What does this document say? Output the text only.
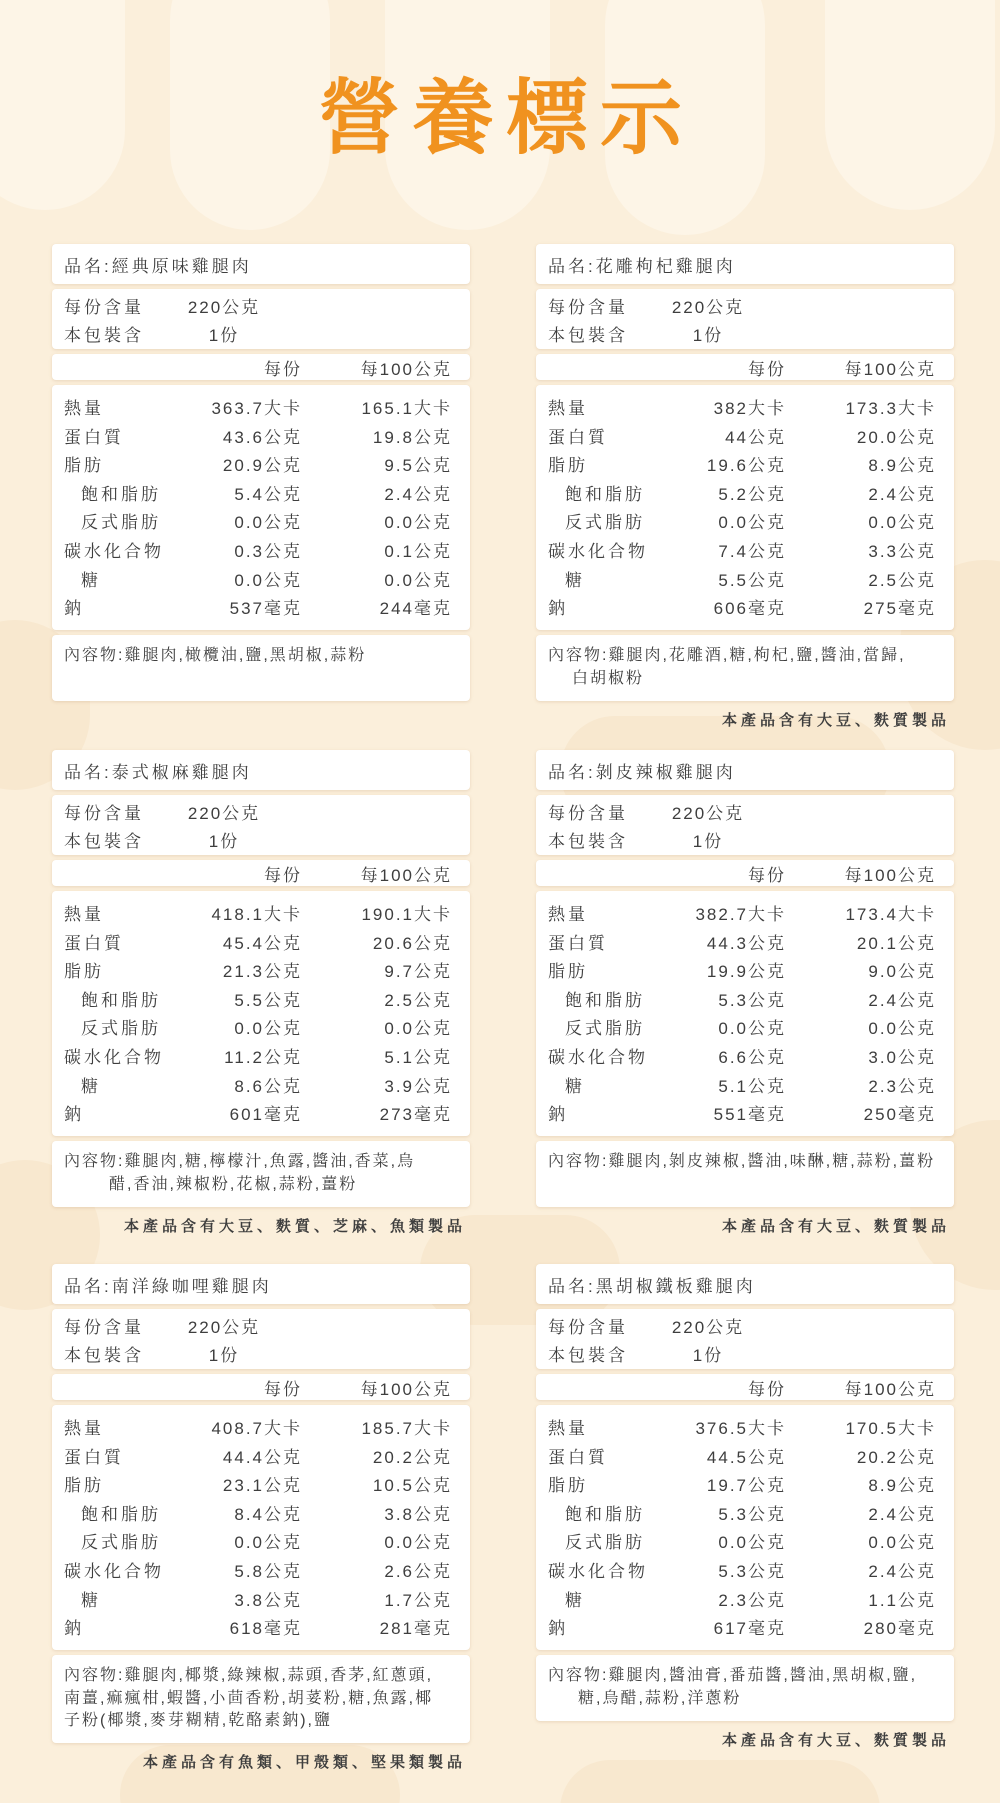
營養標示
品名:經典原味雞腿肉
每份含量	220公克
本包裝含	1份
每份	每100公克
熱量	363.7大卡	165.1大卡
蛋白質	43.6公克	19.8公克
脂肪	20.9公克	9.5公克
飽和脂肪	5.4公克	2.4公克
反式脂肪	0.0公克	0.0公克
碳水化合物	0.3公克	0.1公克
糖	0.0公克	0.0公克
鈉	537毫克	244毫克
內容物:雞腿肉,橄欖油,鹽,黑胡椒,蒜粉
品名:花雕枸杞雞腿肉
每份含量	220公克
本包裝含	1份
每份	每100公克
熱量	382大卡	173.3大卡
蛋白質	44公克	20.0公克
脂肪	19.6公克	8.9公克
飽和脂肪	5.2公克	2.4公克
反式脂肪	0.0公克	0.0公克
碳水化合物	7.4公克	3.3公克
糖	5.5公克	2.5公克
鈉	606毫克	275毫克
內容物:雞腿肉,花雕酒,糖,枸杞,鹽,醬油,當歸,
白胡椒粉
本產品含有大豆、麩質製品
品名:泰式椒麻雞腿肉
每份含量	220公克
本包裝含	1份
每份	每100公克
熱量	418.1大卡	190.1大卡
蛋白質	45.4公克	20.6公克
脂肪	21.3公克	9.7公克
飽和脂肪	5.5公克	2.5公克
反式脂肪	0.0公克	0.0公克
碳水化合物	11.2公克	5.1公克
糖	8.6公克	3.9公克
鈉	601毫克	273毫克
內容物:雞腿肉,糖,檸檬汁,魚露,醬油,香菜,烏
醋,香油,辣椒粉,花椒,蒜粉,薑粉
本產品含有大豆、麩質、芝麻、魚類製品
品名:剝皮辣椒雞腿肉
每份含量	220公克
本包裝含	1份
每份	每100公克
熱量	382.7大卡	173.4大卡
蛋白質	44.3公克	20.1公克
脂肪	19.9公克	9.0公克
飽和脂肪	5.3公克	2.4公克
反式脂肪	0.0公克	0.0公克
碳水化合物	6.6公克	3.0公克
糖	5.1公克	2.3公克
鈉	551毫克	250毫克
內容物:雞腿肉,剝皮辣椒,醬油,味醂,糖,蒜粉,薑粉
本產品含有大豆、麩質製品
品名:南洋綠咖哩雞腿肉
每份含量	220公克
本包裝含	1份
每份	每100公克
熱量	408.7大卡	185.7大卡
蛋白質	44.4公克	20.2公克
脂肪	23.1公克	10.5公克
飽和脂肪	8.4公克	3.8公克
反式脂肪	0.0公克	0.0公克
碳水化合物	5.8公克	2.6公克
糖	3.8公克	1.7公克
鈉	618毫克	281毫克
內容物:雞腿肉,椰漿,綠辣椒,蒜頭,香茅,紅蔥頭,
南薑,痲瘋柑,蝦醬,小茴香粉,胡荽粉,糖,魚露,椰
子粉(椰漿,麥芽糊精,乾酪素鈉),鹽
本產品含有魚類、甲殼類、堅果類製品
品名:黑胡椒鐵板雞腿肉
每份含量	220公克
本包裝含	1份
每份	每100公克
熱量	376.5大卡	170.5大卡
蛋白質	44.5公克	20.2公克
脂肪	19.7公克	8.9公克
飽和脂肪	5.3公克	2.4公克
反式脂肪	0.0公克	0.0公克
碳水化合物	5.3公克	2.4公克
糖	2.3公克	1.1公克
鈉	617毫克	280毫克
內容物:雞腿肉,醬油膏,番茄醬,醬油,黑胡椒,鹽,
糖,烏醋,蒜粉,洋蔥粉
本產品含有大豆、麩質製品
